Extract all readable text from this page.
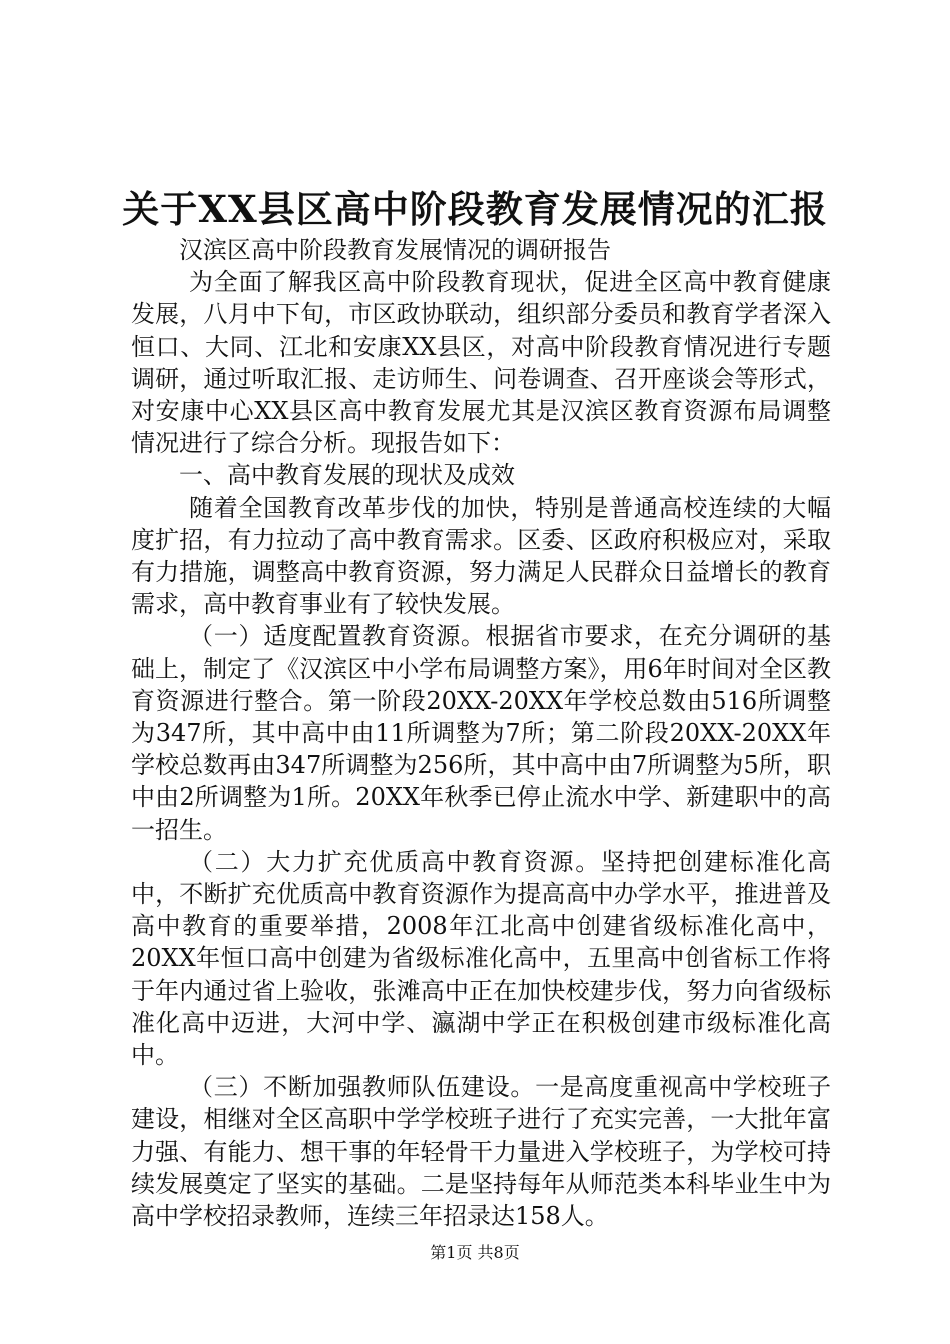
关于XX县区高中阶段教育发展情况的汇报

汉滨区高中阶段教育发展情况的调研报告

为全面了解我区高中阶段教育现状，促进全区高中教育健康发展，八月中下旬，市区政协联动，组织部分委员和教育学者深入恒口、大同、江北和安康XX县区，对高中阶段教育情况进行专题调研，通过听取汇报、走访师生、问卷调查、召开座谈会等形式，对安康中心XX县区高中教育发展尤其是汉滨区教育资源布局调整情况进行了综合分析。现报告如下：

一、高中教育发展的现状及成效

随着全国教育改革步伐的加快，特别是普通高校连续的大幅度扩招，有力拉动了高中教育需求。区委、区政府积极应对，采取有力措施，调整高中教育资源，努力满足人民群众日益增长的教育需求，高中教育事业有了较快发展。

（一）适度配置教育资源。根据省市要求，在充分调研的基础上，制定了《汉滨区中小学布局调整方案》，用6年时间对全区教育资源进行整合。第一阶段20XX-20XX年学校总数由516所调整为347所，其中高中由11所调整为7所；第二阶段20XX-20XX年学校总数再由347所调整为256所，其中高中由7所调整为5所，职中由2所调整为1所。20XX年秋季已停止流水中学、新建职中的高一招生。

（二）大力扩充优质高中教育资源。坚持把创建标准化高中，不断扩充优质高中教育资源作为提高高中办学水平，推进普及高中教育的重要举措，2008年江北高中创建省级标准化高中，20XX年恒口高中创建为省级标准化高中，五里高中创省标工作将于年内通过省上验收，张滩高中正在加快校建步伐，努力向省级标准化高中迈进，大河中学、瀛湖中学正在积极创建市级标准化高中。

（三）不断加强教师队伍建设。一是高度重视高中学校班子建设，相继对全区高职中学学校班子进行了充实完善，一大批年富力强、有能力、想干事的年轻骨干力量进入学校班子，为学校可持续发展奠定了坚实的基础。二是坚持每年从师范类本科毕业生中为高中学校招录教师，连续三年招录达158人。

第1页 共8页
